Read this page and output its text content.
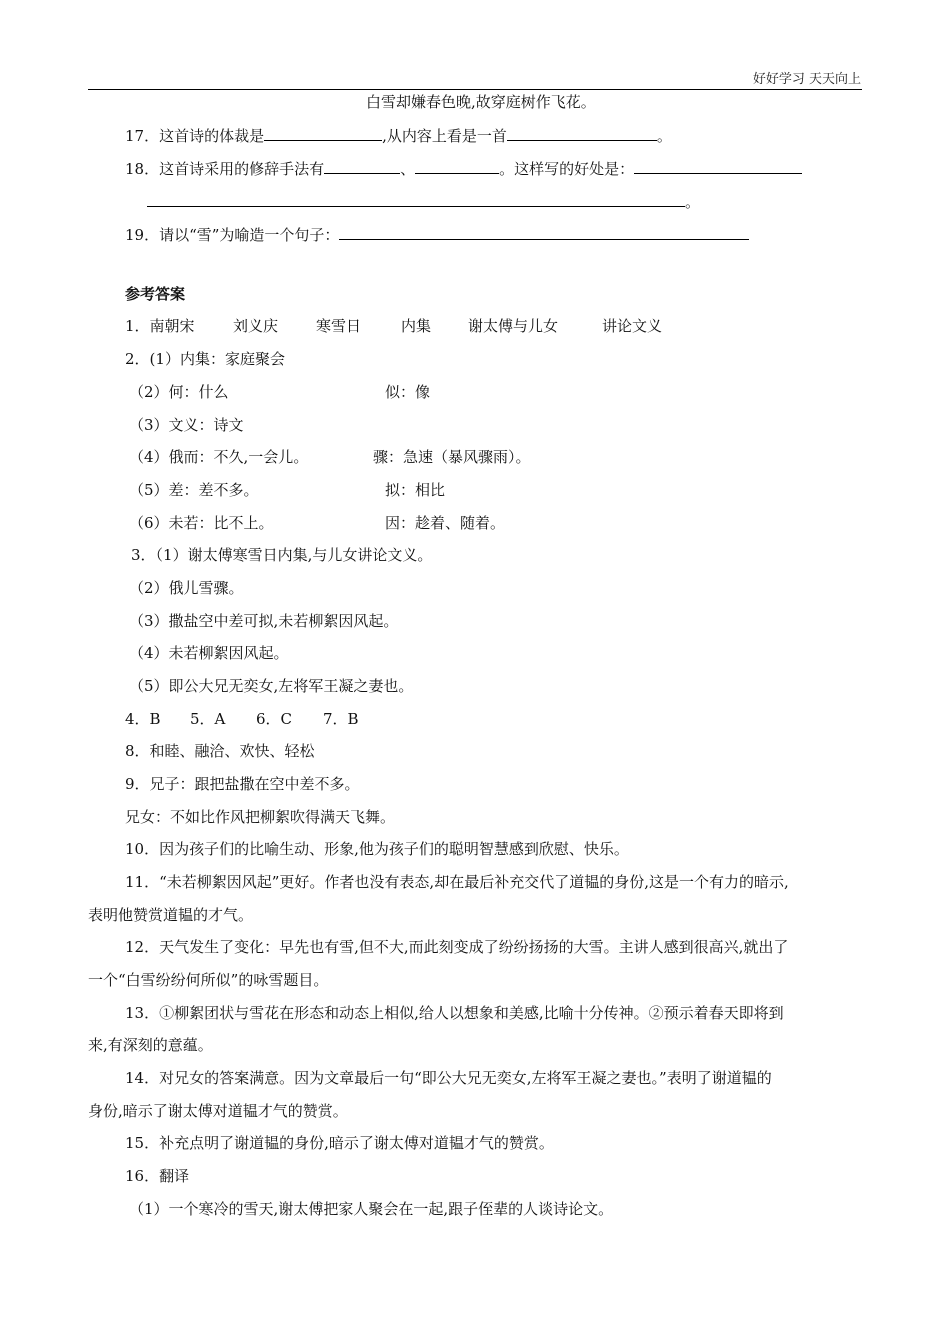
好好学习 天天向上
白雪却嫌春色晚,故穿庭树作飞花。
17．这首诗的体裁是	,从内容上看是一首	。
18．这首诗采用的修辞手法有	、	。这样写的好处是：
。
19．请以“雪”为喻造一个句子：
参考答案
1．南朝宋	刘义庆	寒雪日	内集 谢太傅与儿女	讲论文义
2．(1）内集：家庭聚会
（2）何：什么	似：像
（3）文义：诗文
（4）俄而：不久,一会儿。	骤：急速（暴风骤雨）。
（5）差：差不多。	拟：相比
（6）未若：比不上。	因：趁着、随着。
3．（1）谢太傅寒雪日内集,与儿女讲论文义。
（2）俄儿雪骤。
（3）撒盐空中差可拟,未若柳絮因风起。
（4）未若柳絮因风起。
（5）即公大兄无奕女,左将军王凝之妻也。
4．B 5．A 6．C 7．B
8．和睦、融洽、欢快、轻松
9．兄子：跟把盐撒在空中差不多。
兄女：不如比作风把柳絮吹得满天飞舞。
10．因为孩子们的比喻生动、形象,他为孩子们的聪明智慧感到欣慰、快乐。
11．“未若柳絮因风起”更好。作者也没有表态,却在最后补充交代了道韫的身份,这是一个有力的暗示,
表明他赞赏道韫的才气。
12．天气发生了变化：早先也有雪,但不大,而此刻变成了纷纷扬扬的大雪。主讲人感到很高兴,就出了
一个“白雪纷纷何所似”的咏雪题目。
13．①柳絮团状与雪花在形态和动态上相似,给人以想象和美感,比喻十分传神。②预示着春天即将到
来,有深刻的意蕴。
14．对兄女的答案满意。因为文章最后一句“即公大兄无奕女,左将军王凝之妻也。”表明了谢道韫的
身份,暗示了谢太傅对道韫才气的赞赏。
15．补充点明了谢道韫的身份,暗示了谢太傅对道韫才气的赞赏。
16．翻译
（1）一个寒冷的雪天,谢太傅把家人聚会在一起,跟子侄辈的人谈诗论文。
